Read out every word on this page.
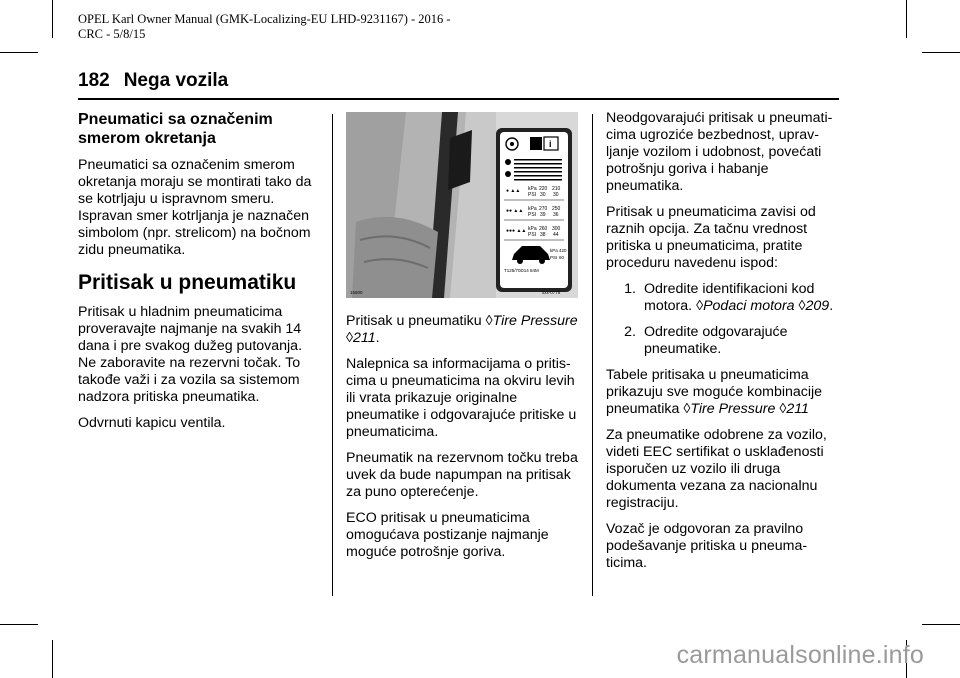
OPEL Karl Owner Manual (GMK-Localizing-EU LHD-9231167) - 2016 -
CRC - 5/8/15
182 Nega vozila
Pneumatici sa označenim smerom okretanja

Pneumatici sa označenim smerom okretanja moraju se montirati tako da se kotrljaju u ispravnom smeru. Ispravan smer kotrljanja je naznačen simbolom (npr. strelicom) na bočnom zidu pneumatika.

Pritisak u pneumatiku

Pritisak u hladnim pneumaticima proveravajte najmanje na svakih 14 dana i pre svakog dužeg putovanja. Ne zaboravite na rezervni točak. To takođe važi i za vozila sa sistemom nadzora pritiska pneumatika.

Odvrnuti kapicu ventila.

i
● ▲▲
●● ▲▲
●●● ▲▲
kPa
PSI
220 210
30 30
kPa
PSI
270 250
39 36
kPa
PSI
260 300
38 44
kPa 420
PSI 60
T125/70D14 84M
15500	xxx-0778

Pritisak u pneumatiku ◊Tire Pressure ◊211.

Nalepnica sa informacijama o pritis-cima u pneumaticima na okviru levih ili vrata prikazuje originalne pneumatike i odgovarajuće pritiske u pneumaticima.

Pneumatik na rezervnom točku treba uvek da bude napumpan na pritisak za puno opterećenje.

ECO pritisak u pneumaticima omogućava postizanje najmanje moguće potrošnje goriva.

Neodgovarajući pritisak u pneumati-cima ugroziće bezbednost, uprav-ljanje vozilom i udobnost, povećati potrošnju goriva i habanje pneumatika.

Pritisak u pneumaticima zavisi od raznih opcija. Za tačnu vrednost pritiska u pneumaticima, pratite proceduru navedenu ispod:

1. Odredite identifikacioni kod motora. ◊Podaci motora ◊209.
2. Odredite odgovarajuće pneumatike.

Tabele pritisaka u pneumaticima prikazuju sve moguće kombinacije pneumatika ◊Tire Pressure ◊211

Za pneumatike odobrene za vozilo, videti EEC sertifikat o usklađenosti isporučen uz vozilo ili druga dokumenta vezana za nacionalnu registraciju.

Vozač je odgovoran za pravilno podešavanje pritiska u pneuma-ticima.

carmanualsonline.info
